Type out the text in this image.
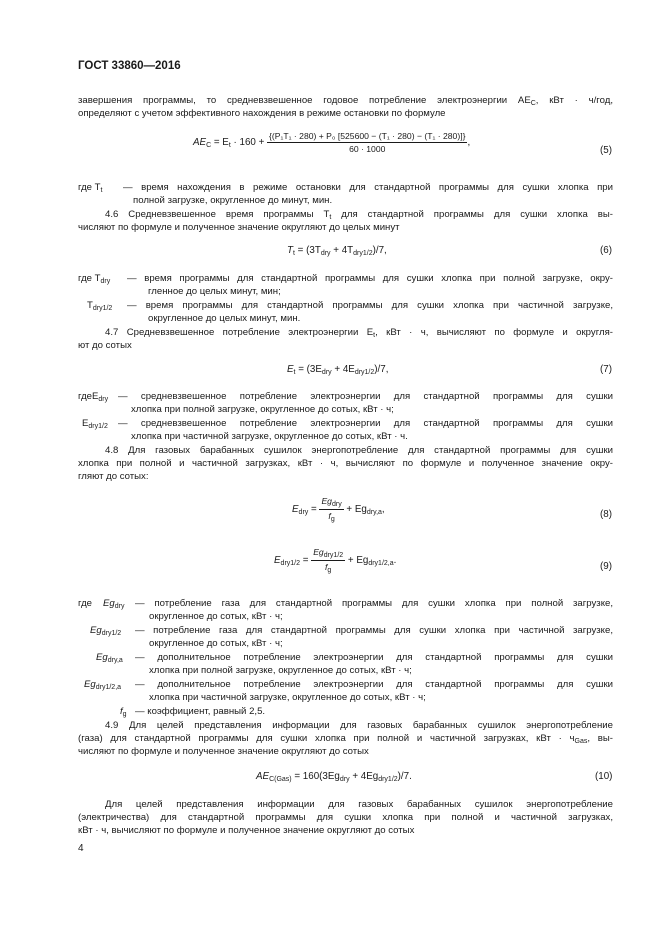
ГОСТ 33860—2016
завершения программы, то средневзвешенное годовое потребление электроэнергии $AE_C$, кВт · ч/год,
определяют с учетом эффективного нахождения в режиме остановки по формуле
$AE_C = E_t \cdot 160 + \frac{\text{\{(P₁T₁ · 280) + P₀ [525600 − (T₁ · 280) − (T₁ · 280)]\}}}{60 \cdot 1000}$ ,
(5)
где $T_t$ — время нахождения в режиме остановки для стандартной программы для сушки хлопка при
полной загрузке, округленное до минут, мин.
4.6 Средневзвешенное время программы $T_t$ для стандартной программы для сушки хлопка вы-
числяют по формуле и полученное значение округляют до целых минут
$T_t = (3T_{dry} + 4T_{dry1/2})/7$,	(6)
где $T_{dry}$ — время программы для стандартной программы для сушки хлопка при полной загрузке, окру-
гленное до целых минут, мин;
$T_{dry1/2}$ — время программы для стандартной программы для сушки хлопка при частичной загрузке,
округленное до целых минут, мин.
4.7 Средневзвешенное потребление электроэнергии $E_t$, кВт · ч, вычисляют по формуле и округля-
ют до сотых
$E_t = (3E_{dry} + 4E_{dry1/2})/7$,	(7)
гдеE$_{dry}$ — средневзвешенное потребление электроэнергии для стандартной программы для сушки
хлопка при полной загрузке, округленное до сотых, кВт · ч;
$E_{dry1/2}$ — средневзвешенное потребление электроэнергии для стандартной программы для сушки
хлопка при частичной загрузке, округленное до сотых, кВт · ч.
4.8 Для газовых барабанных сушилок энергопотребление для стандартной программы для сушки
хлопка при полной и частичной загрузках, кВт · ч, вычисляют по формуле и полученное значение окру-
гляют до сотых:
$E_{dry} = \frac{Eg_{dry}}{f_g} + Eg_{dry,a}$,	(8)
$E_{dry1/2} = \frac{Eg_{dry1/2}}{f_g} + Eg_{dry1/2,a}$.
(9)
где $Eg_{dry}$ — потребление газа для стандартной программы для сушки хлопка при полной загрузке,
округленное до сотых, кВт · ч;
$Eg_{dry1/2}$ — потребление газа для стандартной программы для сушки хлопка при частичной загрузке,
округленное до сотых, кВт · ч;
$Eg_{dry,a}$ — дополнительное потребление электроэнергии для стандартной программы для сушки
хлопка при полной загрузке, округленное до сотых, кВт · ч;
$Eg_{dry1/2,a}$ — дополнительное потребление электроэнергии для стандартной программы для сушки
хлопка при частичной загрузке, округленное до сотых, кВт · ч;
$f_g$ — коэффициент, равный 2,5.
4.9 Для целей представления информации для газовых барабанных сушилок энергопотребление
(газа) для стандартной программы для сушки хлопка при полной и частичной загрузках, кВт · $ч_{Gas}$, вы-
числяют по формуле и полученное значение округляют до сотых
$AE_{C(Gas)} = 160(3Eg_{dry} + 4Eg_{dry1/2})/7$.	(10)
Для целей представления информации для газовых барабанных сушилок энергопотребление
(электричества) для стандартной программы для сушки хлопка при полной и частичной загрузках,
кВт · ч, вычисляют по формуле и полученное значение округляют до сотых
4
